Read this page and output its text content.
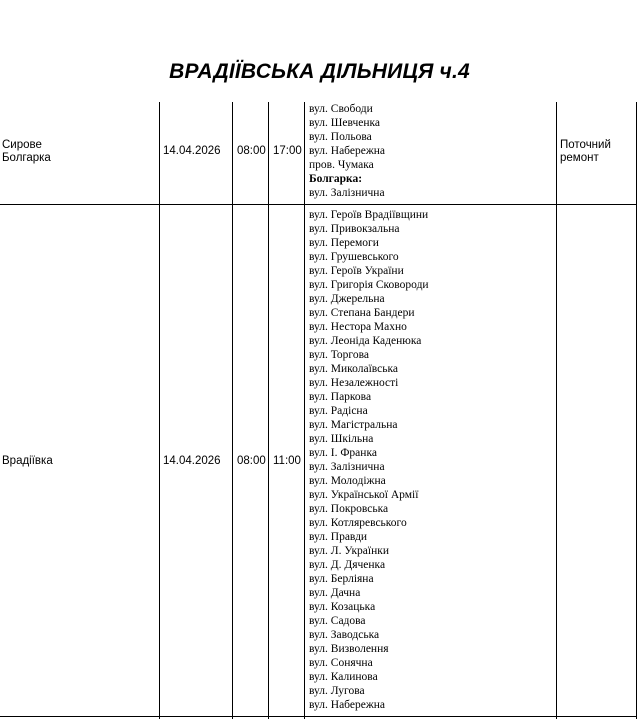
ВРАДІЇВСЬКА ДІЛЬНИЦЯ ч.4
Сирове
Болгарка
14.04.2026 08:00 17:00
вул. Свободи
вул. Шевченка
вул. Польова
вул. Набережна
пров. Чумака
Болгарка:
вул. Залізнична
Поточний
ремонт
Врадіївка	14.04.2026 08:00 11:00
вул. Героїв Врадіївщини
вул. Привокзальна
вул. Перемоги
вул. Грушевського
вул. Героїв України
вул. Григорія Сковороди
вул. Джерельна
вул. Степана Бандери
вул. Нестора Махно
вул. Леоніда Каденюка
вул. Торгова
вул. Миколаївська
вул. Незалежності
вул. Паркова
вул. Радісна
вул. Магістральна
вул. Шкільна
вул. І. Франка
вул. Залізнична
вул. Молодіжна
вул. Української Армії
вул. Покровська
вул. Котляревського
вул. Правди
вул. Л. Українки
вул. Д. Дяченка
вул. Берліяна
вул. Дачна
вул. Козацька
вул. Садова
вул. Заводська
вул. Визволення
вул. Сонячна
вул. Калинова
вул. Лугова
вул. Набережна
